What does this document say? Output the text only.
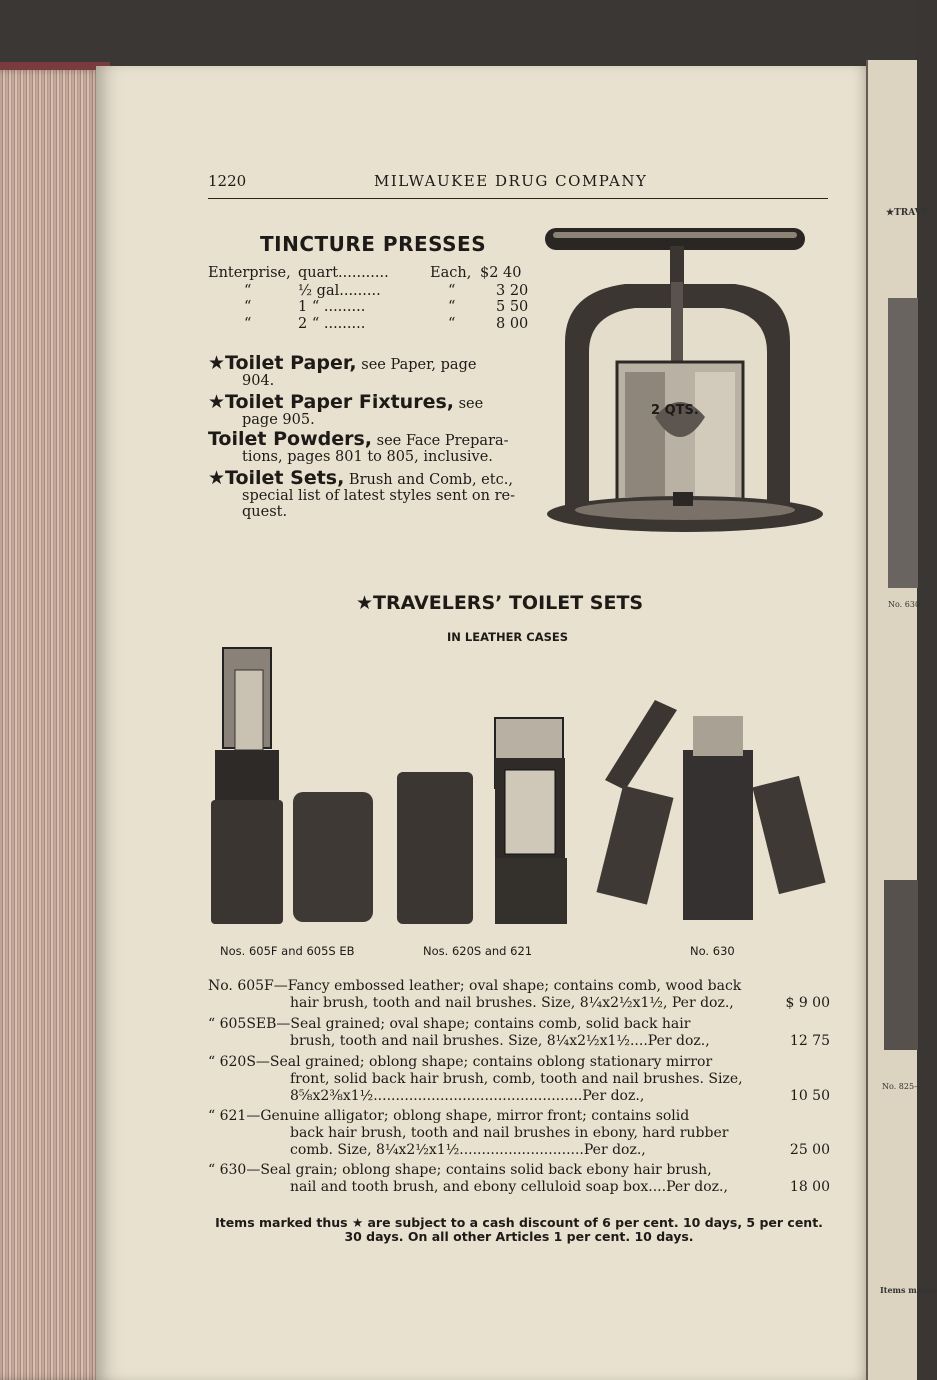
★TRAVE
No. 630-
No. 825—
Items marke
1220	MILWAUKEE DRUG COMPANY
TINCTURE PRESSES
Enterprise, quart...........	Each, $2 40
“	½ gal.........	“	3 20
“	1 “ .........	“	5 50
“	2 “ .........	“	8 00
2 QTS.
★Toilet Paper, see Paper, page
904.
★Toilet Paper Fixtures, see
page 905.
Toilet Powders, see Face Prepara-
tions, pages 801 to 805, inclusive.
★Toilet Sets, Brush and Comb, etc.,
special list of latest styles sent on re-
quest.
★TRAVELERS’ TOILET SETS
IN LEATHER CASES
Nos. 605F and 605S EB	Nos. 620S and 621	No. 630
No. 605F—Fancy embossed leather; oval shape; contains comb, wood back
hair brush, tooth and nail brushes. Size, 8¼x2½x1½, Per doz.,	$ 9 00
“ 605SEB—Seal grained; oval shape; contains comb, solid back hair
brush, tooth and nail brushes. Size, 8¼x2½x1½....Per doz.,	12 75
“ 620S—Seal grained; oblong shape; contains oblong stationary mirror
front, solid back hair brush, comb, tooth and nail brushes. Size,
8⅝x2⅜x1½...............................................Per doz.,	10 50
“ 621—Genuine alligator; oblong shape, mirror front; contains solid
back hair brush, tooth and nail brushes in ebony, hard rubber
comb. Size, 8¼x2½x1½............................Per doz.,	25 00
“ 630—Seal grain; oblong shape; contains solid back ebony hair brush,
nail and tooth brush, and ebony celluloid soap box....Per doz.,	18 00
Items marked thus ★ are subject to a cash discount of 6 per cent. 10 days, 5 per cent.
30 days. On all other Articles 1 per cent. 10 days.
